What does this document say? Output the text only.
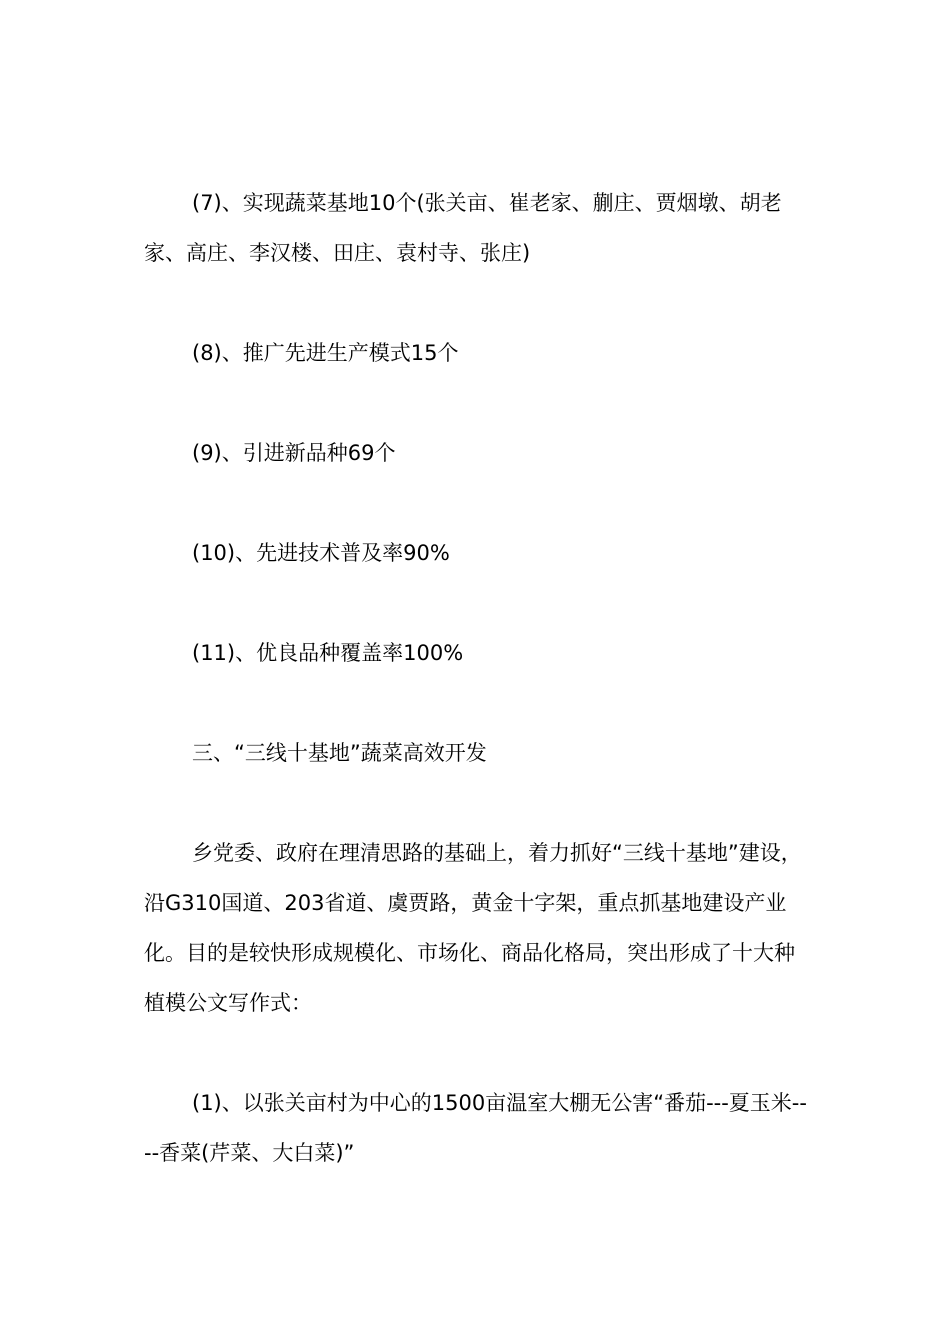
(7)、实现蔬菜基地10个(张关亩、崔老家、蒯庄、贾烟墩、胡老家、高庄、李汉楼、田庄、袁村寺、张庄)

(8)、推广先进生产模式15个

(9)、引进新品种69个

(10)、先进技术普及率90%

(11)、优良品种覆盖率100%

三、“三线十基地”蔬菜高效开发

乡党委、政府在理清思路的基础上，着力抓好“三线十基地”建设，沿G310国道、203省道、虞贾路，黄金十字架，重点抓基地建设产业化。目的是较快形成规模化、市场化、商品化格局，突出形成了十大种植模公文写作式：

(1)、以张关亩村为中心的1500亩温室大棚无公害“番茄---夏玉米----香菜(芹菜、大白菜)”
